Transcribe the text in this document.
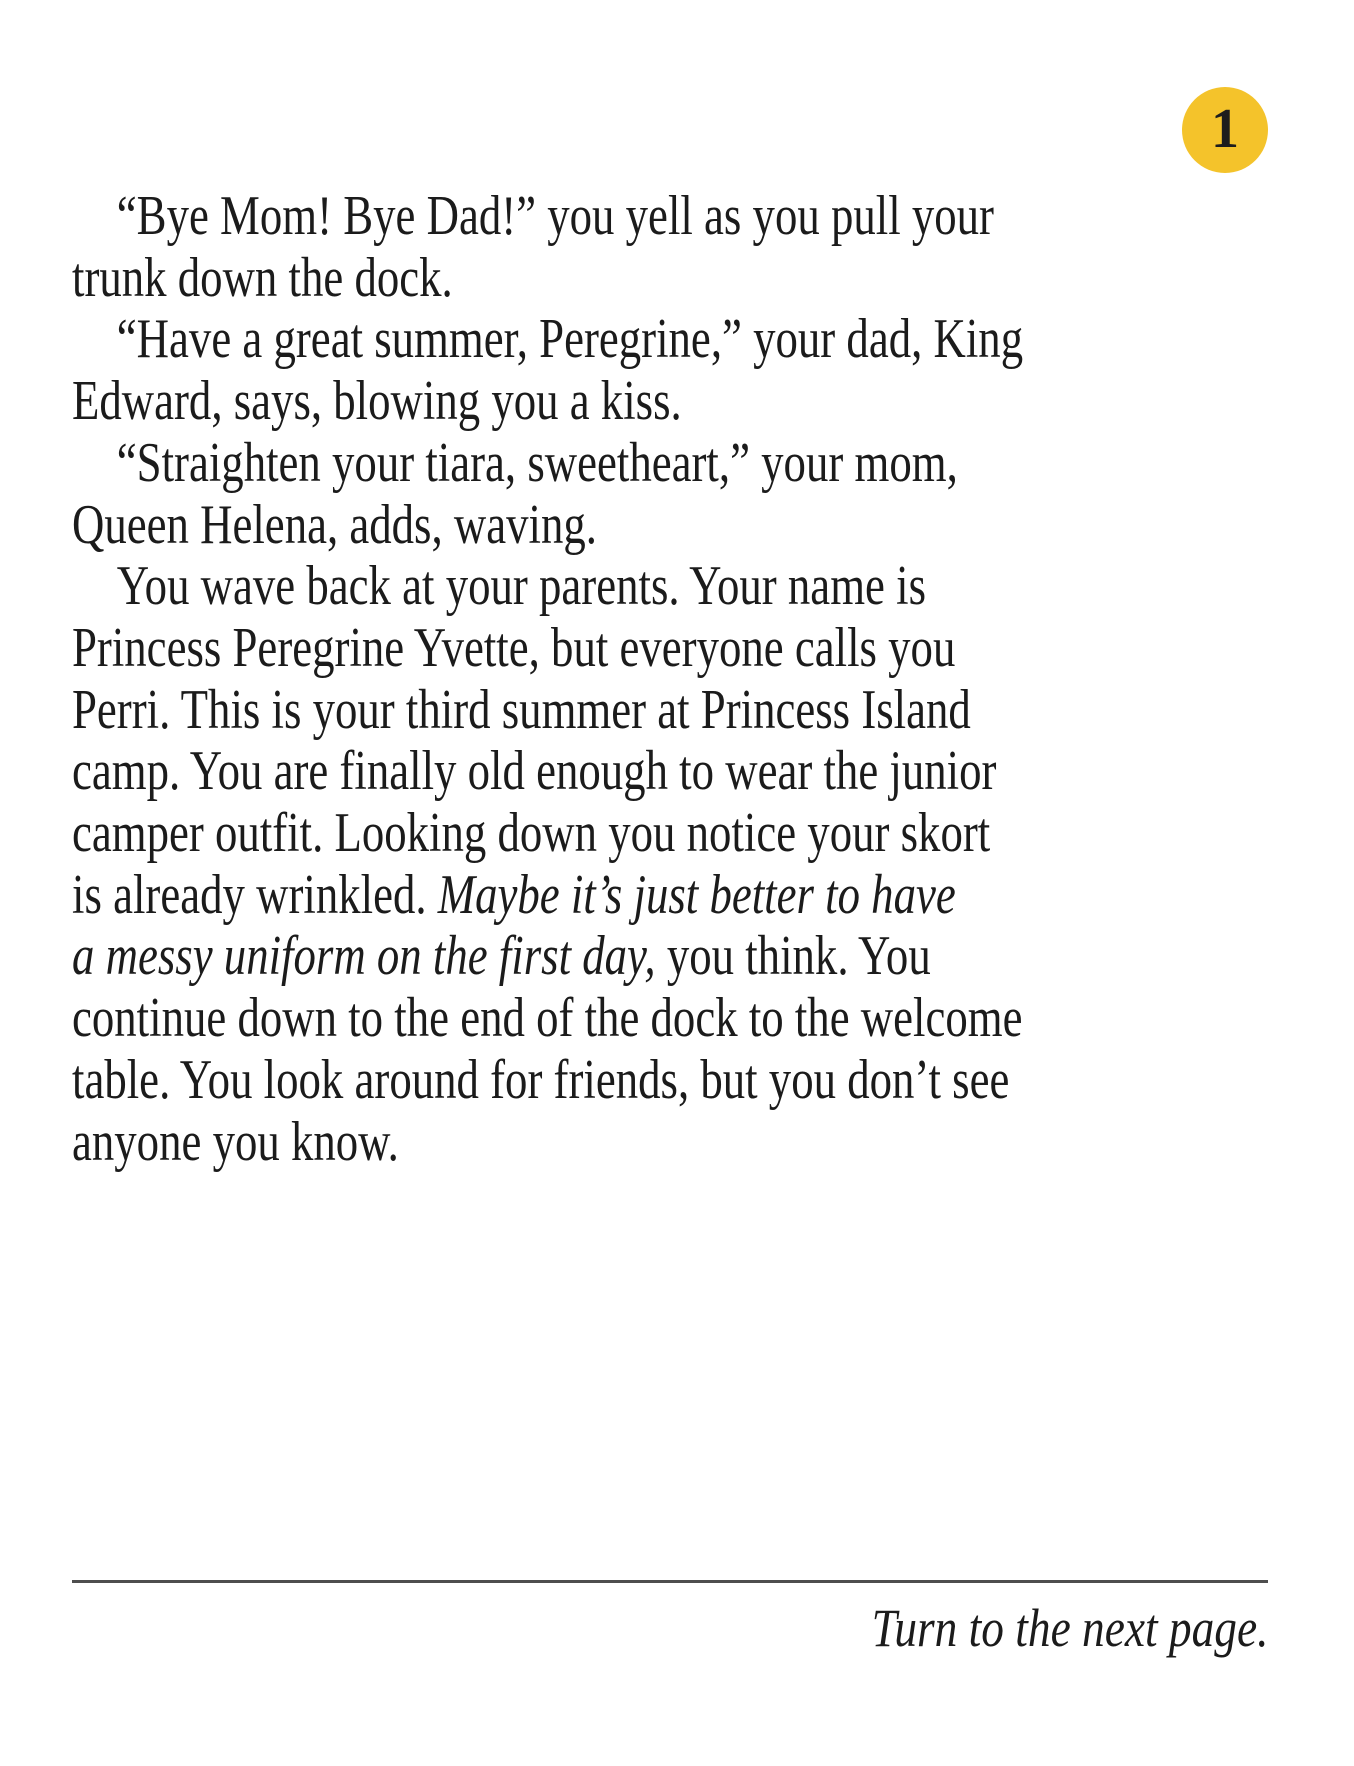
1
“Bye Mom! Bye Dad!” you yell as you pull your
trunk down the dock.
“Have a great summer, Peregrine,” your dad, King
Edward, says, blowing you a kiss.
“Straighten your tiara, sweetheart,” your mom,
Queen Helena, adds, waving.
You wave back at your parents. Your name is
Princess Peregrine Yvette, but everyone calls you
Perri. This is your third summer at Princess Island
camp. You are finally old enough to wear the junior
camper outfit. Looking down you notice your skort
is already wrinkled. Maybe it’s just better to have
a messy uniform on the first day, you think. You
continue down to the end of the dock to the welcome
table. You look around for friends, but you don’t see
anyone you know.
Turn to the next page.
